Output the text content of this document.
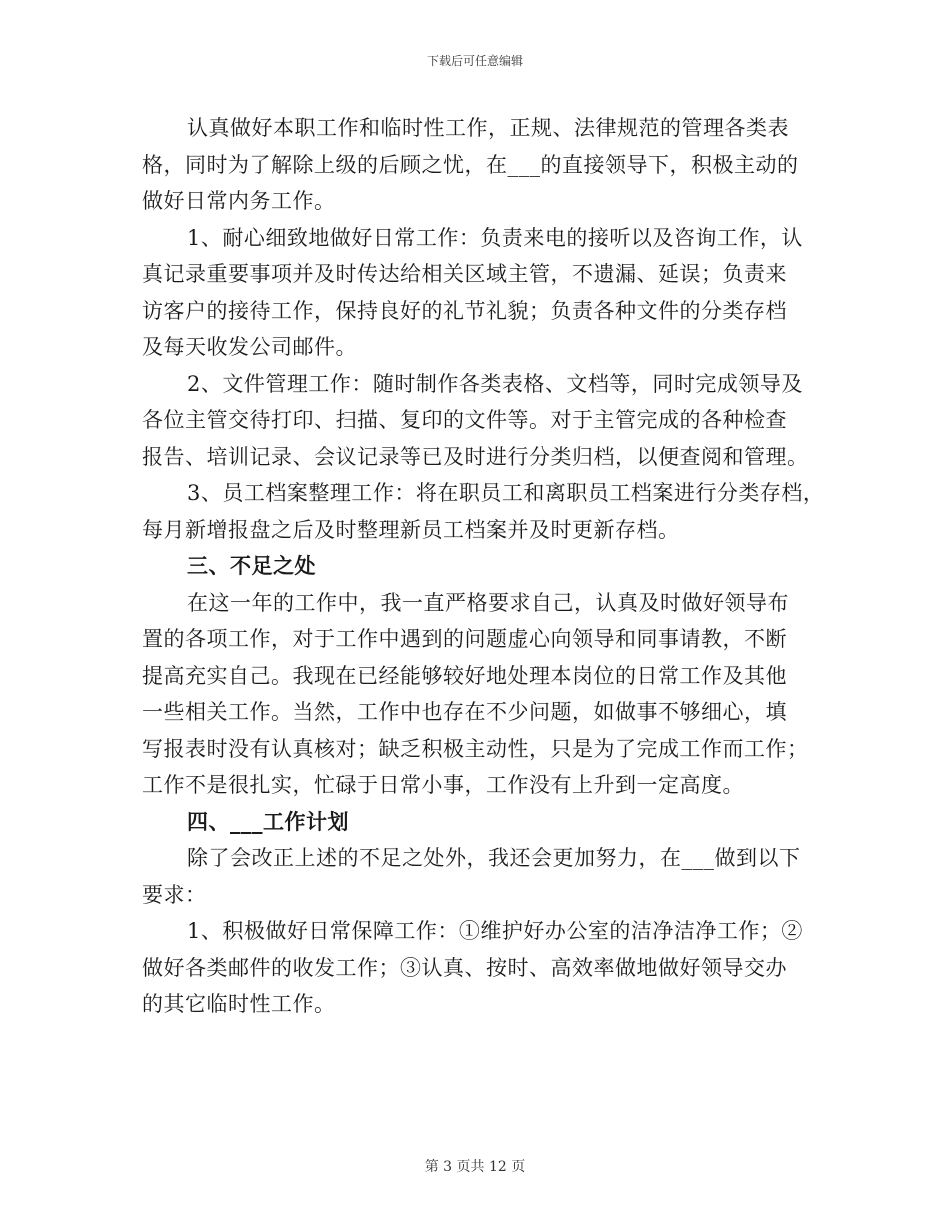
下载后可任意编辑
认真做好本职工作和临时性工作，正规、法律规范的管理各类表
格，同时为了解除上级的后顾之忧，在___的直接领导下，积极主动的
做好日常内务工作。
1、耐心细致地做好日常工作：负责来电的接听以及咨询工作，认
真记录重要事项并及时传达给相关区域主管，不遗漏、延误；负责来
访客户的接待工作，保持良好的礼节礼貌；负责各种文件的分类存档
及每天收发公司邮件。
2、文件管理工作：随时制作各类表格、文档等，同时完成领导及
各位主管交待打印、扫描、复印的文件等。对于主管完成的各种检查
报告、培训记录、会议记录等已及时进行分类归档，以便查阅和管理。
3、员工档案整理工作：将在职员工和离职员工档案进行分类存档，
每月新增报盘之后及时整理新员工档案并及时更新存档。
三、不足之处
在这一年的工作中，我一直严格要求自己，认真及时做好领导布
置的各项工作，对于工作中遇到的问题虚心向领导和同事请教，不断
提高充实自己。我现在已经能够较好地处理本岗位的日常工作及其他
一些相关工作。当然，工作中也存在不少问题，如做事不够细心，填
写报表时没有认真核对；缺乏积极主动性，只是为了完成工作而工作；
工作不是很扎实，忙碌于日常小事，工作没有上升到一定高度。
四、___工作计划
除了会改正上述的不足之处外，我还会更加努力，在___做到以下
要求：
1、积极做好日常保障工作：①维护好办公室的洁净洁净工作；②
做好各类邮件的收发工作；③认真、按时、高效率做地做好领导交办
的其它临时性工作。
第 3 页共 12 页
